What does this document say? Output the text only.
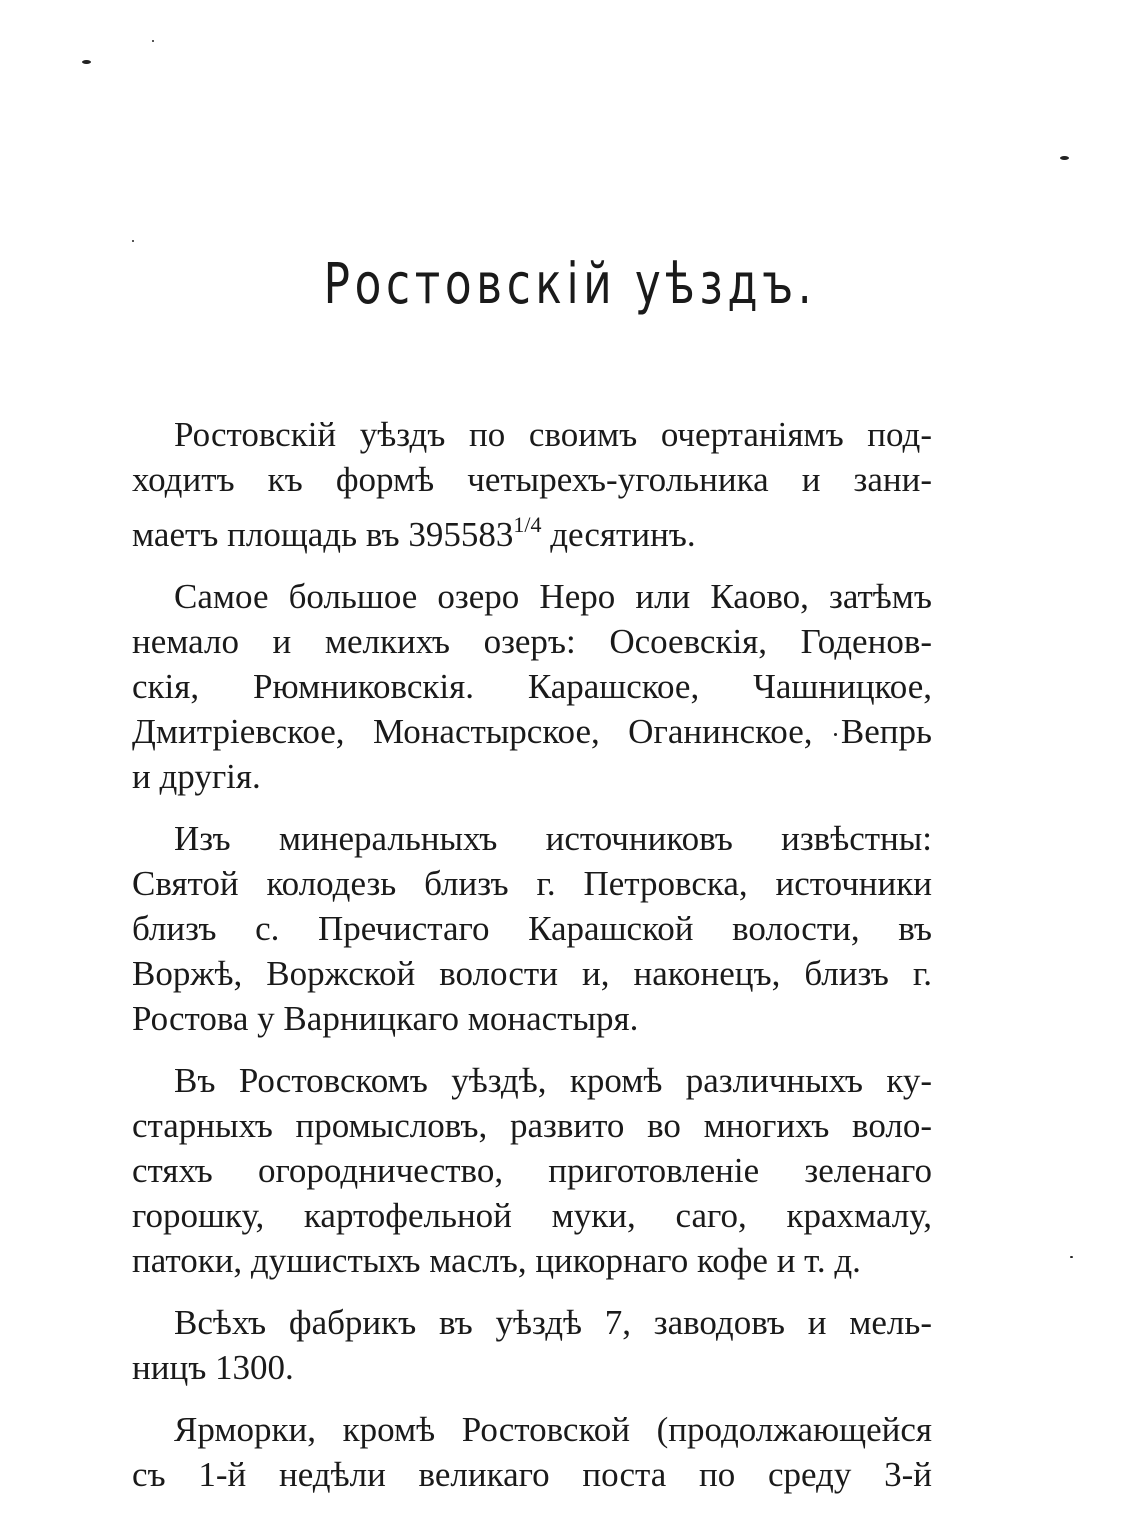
Ростовскій уѣздъ.

Ростовскій уѣздъ по своимъ очертаніямъ под-
ходитъ къ формѣ четырехъ-угольника и зани-
маетъ площадь въ $395583^{1/4}$ десятинъ.

Самое большое озеро Неро или Каово, затѣмъ
немало и мелкихъ озеръ: Осоевскія, Годенов-
скія, Рюмниковскія. Карашское, Чашницкое,
Дмитріевское, Монастырское, Оганинское, Вепрь
и другія.

Изъ минеральныхъ источниковъ извѣстны:
Святой колодезь близъ г. Петровска, источники
близъ с. Пречистаго Карашской волости, въ
Воржѣ, Воржской волости и, наконецъ, близъ г.
Ростова у Варницкаго монастыря.

Въ Ростовскомъ уѣздѣ, кромѣ различныхъ ку-
старныхъ промысловъ, развито во многихъ воло-
стяхъ огородничество, приготовленіе зеленаго
горошку, картофельной муки, саго, крахмалу,
патоки, душистыхъ маслъ, цикорнаго кофе и т. д.

Всѣхъ фабрикъ въ уѣздѣ 7, заводовъ и мель-
ницъ 1300.

Ярморки, кромѣ Ростовской (продолжающейся
съ 1-й недѣли великаго поста по среду 3-й
